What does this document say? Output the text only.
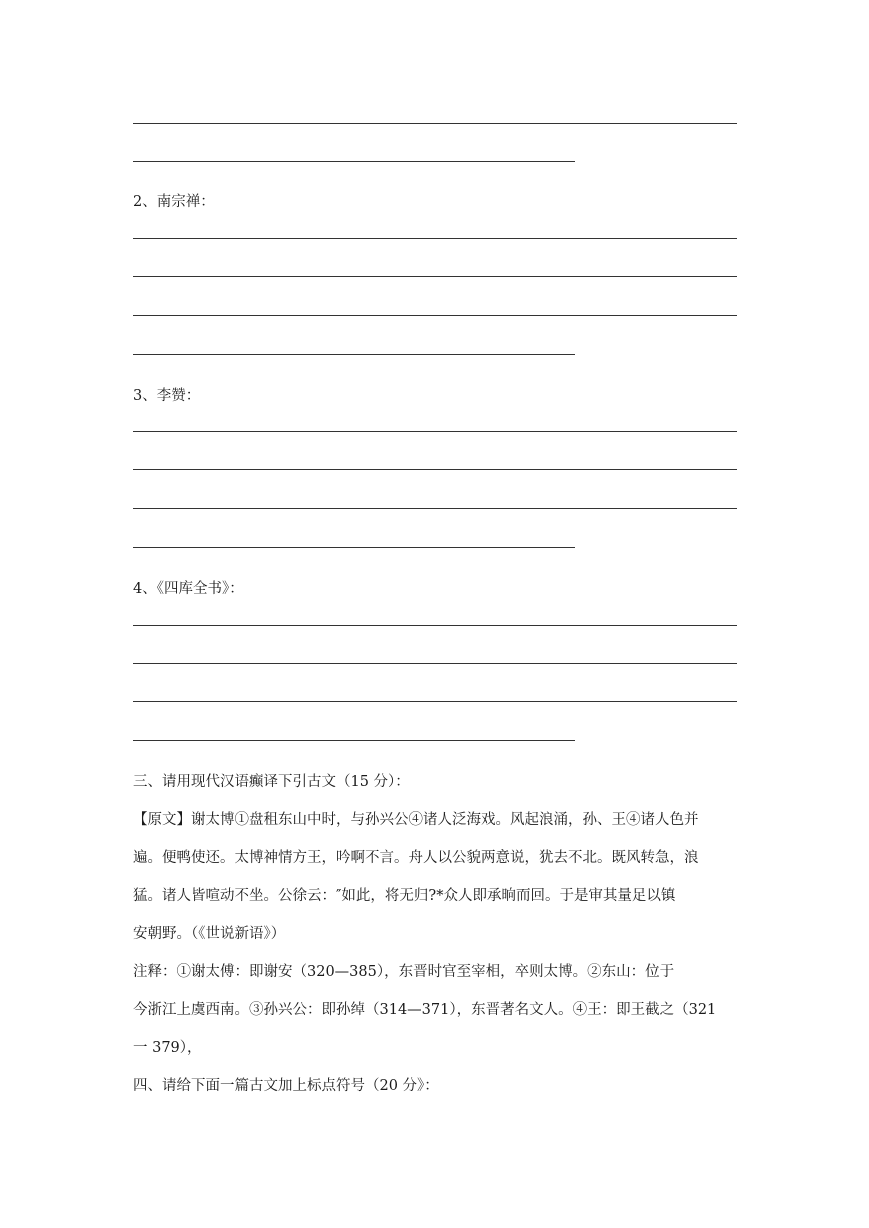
2、南宗禅：
3、李赞：
4、《四库全书》：
三、请用现代汉语癫译下引古文（15 分）：
【原文】谢太博①盘租东山中时，与孙兴公④诸人泛海戏。风起浪涌，孙、王④诸人色并
遍。便鸭使还。太博神情方王，吟啊不言。舟人以公貌两意说，犹去不北。既风转急，浪
猛。诸人皆喧动不坐。公徐云：″如此，将无归?*众人即承晌而回。于是审其量足以镇
安朝野。（《世说新语》）
注释：①谢太傅：即谢安（320—385），东晋时官至宰相，卒则太博。②东山：位于
今浙江上虞西南。③孙兴公：即孙绰（314—371），东晋著名文人。④王：即王截之（321
一 379），
四、请给下面一篇古文加上标点符号（20 分》：
